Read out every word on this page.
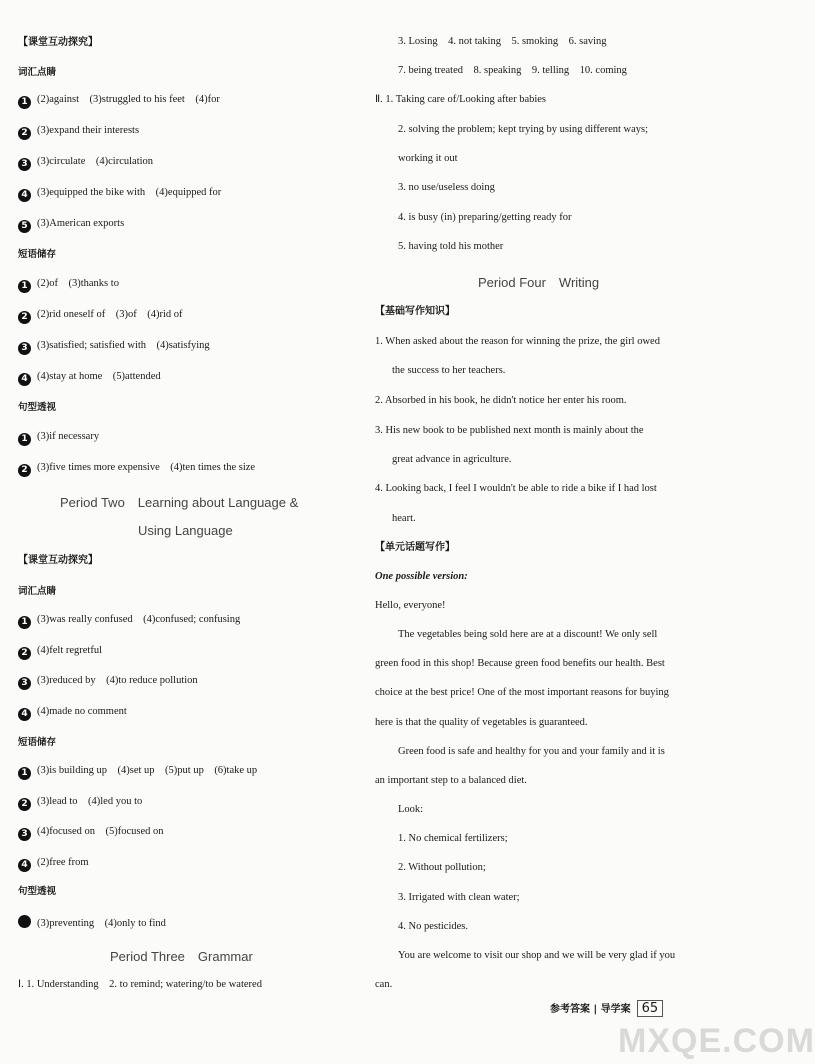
【课堂互动探究】
词汇点睛
1 (2)against　(3)struggled to his feet　(4)for
2 (3)expand their interests
3 (3)circulate　(4)circulation
4 (3)equipped the bike with　(4)equipped for
5 (3)American exports
短语储存
1 (2)of　(3)thanks to
2 (2)rid oneself of　(3)of　(4)rid of
3 (3)satisfied; satisfied with　(4)satisfying
4 (4)stay at home　(5)attended
句型透视
1 (3)if necessary
2 (3)five times more expensive　(4)ten times the size
Period Two　Learning about Language &
Using Language
【课堂互动探究】
词汇点睛
1 (3)was really confused　(4)confused; confusing
2 (4)felt regretful
3 (3)reduced by　(4)to reduce pollution
4 (4)made no comment
短语储存
1 (3)is building up　(4)set up　(5)put up　(6)take up
2 (3)lead to　(4)led you to
3 (4)focused on　(5)focused on
4 (2)free from
句型透视
(3)preventing　(4)only to find
Period Three　Grammar
Ⅰ. 1. Understanding　2. to remind; watering/to be watered
3. Losing　4. not taking　5. smoking　6. saving
7. being treated　8. speaking　9. telling　10. coming
Ⅱ. 1. Taking care of/Looking after babies
2. solving the problem; kept trying by using different ways;
working it out
3. no use/useless doing
4. is busy (in) preparing/getting ready for
5. having told his mother
Period Four　Writing
【基础写作知识】
1. When asked about the reason for winning the prize, the girl owed
the success to her teachers.
2. Absorbed in his book, he didn't notice her enter his room.
3. His new book to be published next month is mainly about the
great advance in agriculture.
4. Looking back, I feel I wouldn't be able to ride a bike if I had lost
heart.
【单元话题写作】
One possible version:
Hello, everyone!
The vegetables being sold here are at a discount! We only sell
green food in this shop! Because green food benefits our health. Best
choice at the best price! One of the most important reasons for buying
here is that the quality of vegetables is guaranteed.
Green food is safe and healthy for you and your family and it is
an important step to a balanced diet.
Look:
1. No chemical fertilizers;
2. Without pollution;
3. Irrigated with clean water;
4. No pesticides.
You are welcome to visit our shop and we will be very glad if you
can.
参考答案 | 导学案 65
MXQE.COM
